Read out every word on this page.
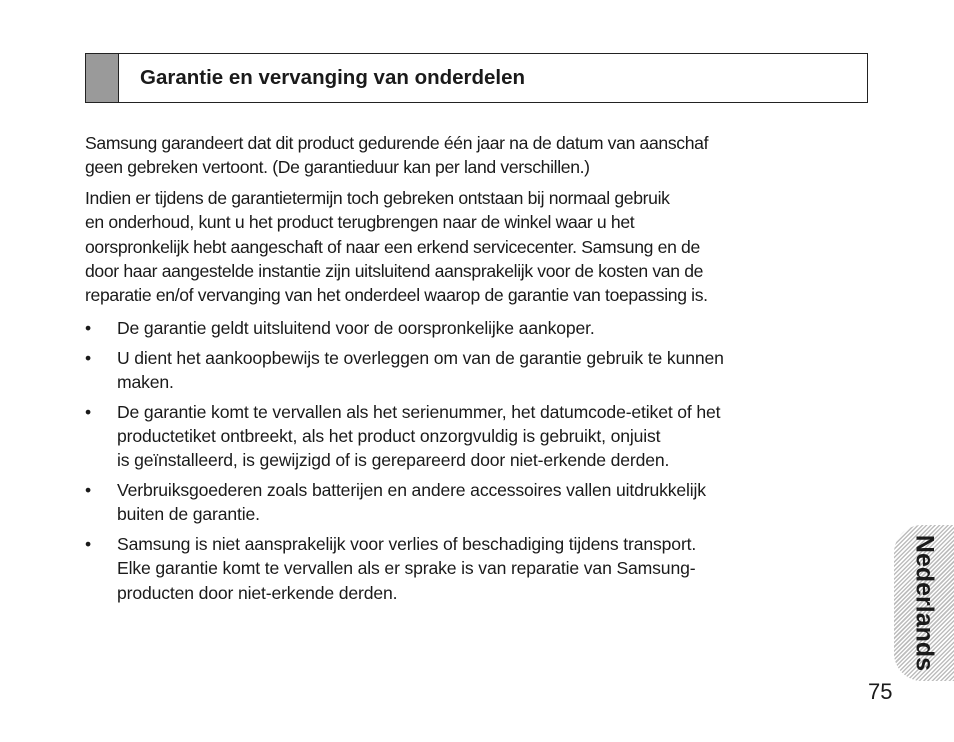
Garantie en vervanging van onderdelen

Samsung garandeert dat dit product gedurende één jaar na de datum van aanschaf
geen gebreken vertoont. (De garantieduur kan per land verschillen.)

Indien er tijdens de garantietermijn toch gebreken ontstaan bij normaal gebruik
en onderhoud, kunt u het product terugbrengen naar de winkel waar u het
oorspronkelijk hebt aangeschaft of naar een erkend servicecenter. Samsung en de
door haar aangestelde instantie zijn uitsluitend aansprakelijk voor de kosten van de
reparatie en/of vervanging van het onderdeel waarop de garantie van toepassing is.

• De garantie geldt uitsluitend voor de oorspronkelijke aankoper.
• U dient het aankoopbewijs te overleggen om van de garantie gebruik te kunnen
maken.
• De garantie komt te vervallen als het serienummer, het datumcode-etiket of het
productetiket ontbreekt, als het product onzorgvuldig is gebruikt, onjuist
is geïnstalleerd, is gewijzigd of is gerepareerd door niet-erkende derden.
• Verbruiksgoederen zoals batterijen en andere accessoires vallen uitdrukkelijk
buiten de garantie.
• Samsung is niet aansprakelijk voor verlies of beschadiging tijdens transport.
Elke garantie komt te vervallen als er sprake is van reparatie van Samsung-
producten door niet-erkende derden.	Nederlands
75
